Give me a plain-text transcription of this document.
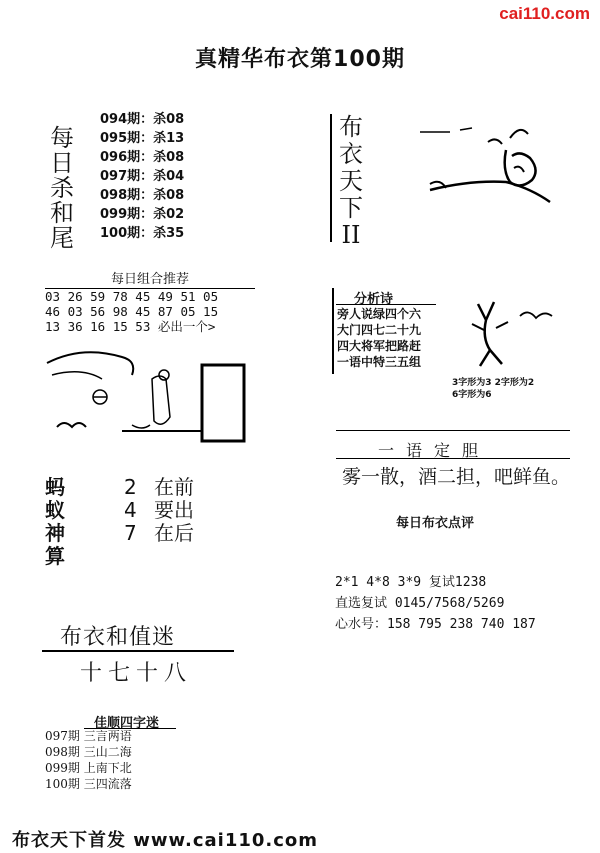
cai110.com
真精华布衣第100期
每
日
杀
和
尾
094期：杀08
095期：杀13
096期：杀08
097期：杀04
098期：杀08
099期：杀02
100期：杀35
每日组合推荐
03 26 59 78 45 49 51 05
46 03 56 98 45 87 05 15
13 36 16 15 53 必出一个>
蚂
蚁
神
算
2 在前
4 要出
7 在后
布衣和值迷
十七十八
佳顺四字迷
097期 三言两语
098期 三山二海
099期 上南下北
100期 三四流落
布衣天下首发 www.cai110.com
布
衣
天
下
II
分析诗
旁人说绿四个六
大门四七二十九
四大将军把路赶
一语中特三五组
3字形为3 2字形为2
6字形为6
一语定胆
雾一散，酒二担，吧鲜鱼。
每日布衣点评
2*1 4*8 3*9 复试1238
直选复试 0145/7568/5269
心水号：158 795 238 740 187
